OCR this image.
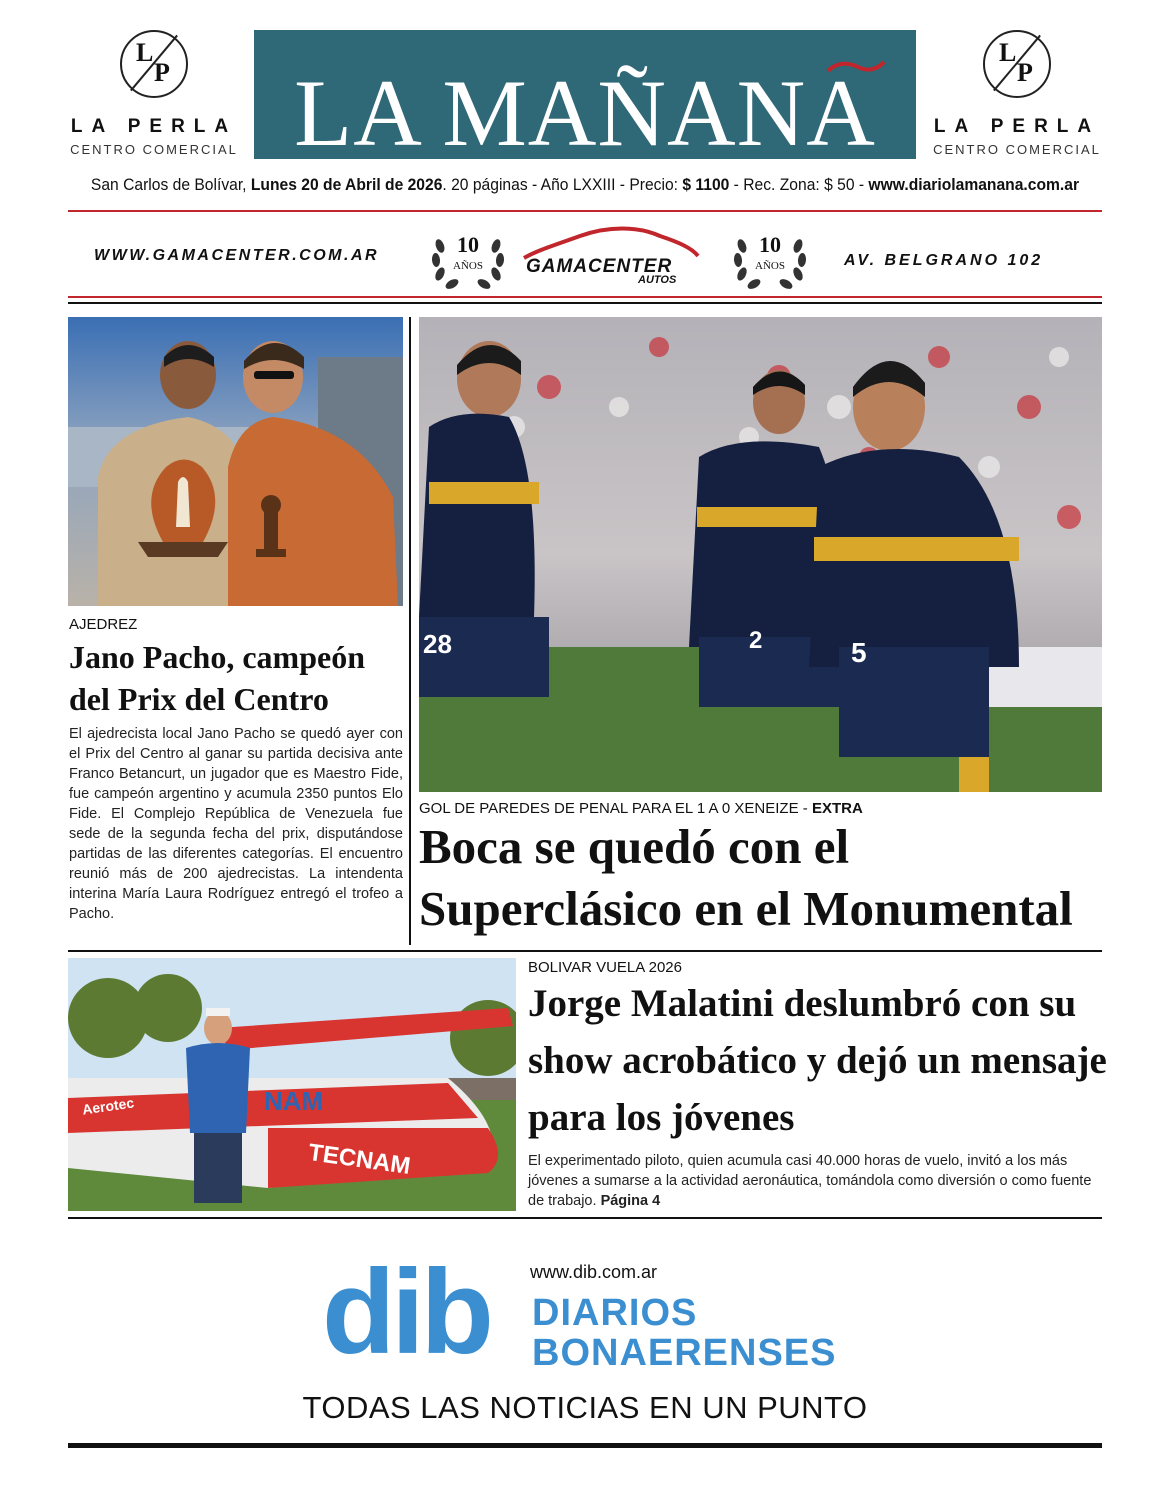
L
P
LA PERLA
CENTRO COMERCIAL LA MAÑANA
L
P
LA PERLA
CENTRO COMERCIAL
San Carlos de Bolívar, Lunes 20 de Abril de 2026. 20 páginas - Año LXXIII - Precio: $ 1100 - Rec. Zona: $ 50 - www.diariolamanana.com.ar
WWW.GAMACENTER.COM.AR	10
AÑOS	GAMACENTER
AUTOS
10
AÑOS	AV. BELGRANO 102
AJEDREZ
Jano Pacho, campeón del Prix del Centro
El ajedrecista local Jano Pacho se quedó ayer con el Prix del Centro al ganar su partida decisiva ante Franco Betancurt, un jugador que es Maestro Fide, fue campeón argentino y acumula 2350 puntos Elo Fide. El Complejo República de Venezuela fue sede de la segunda fecha del prix, disputándose partidas de las diferentes categorías. El encuentro reunió más de 200 ajedrecistas. La intendenta interina María Laura Rodríguez entregó el trofeo a Pacho.
28	2	5
GOL DE PAREDES DE PENAL PARA EL 1 A 0 XENEIZE - EXTRA
Boca se quedó con el Superclásico en el Monumental
Aerotec	NAM
TECNAM
BOLIVAR VUELA 2026
Jorge Malatini deslumbró con su show acrobático y dejó un mensaje para los jóvenes
El experimentado piloto, quien acumula casi 40.000 horas de vuelo, invitó a los más jóvenes a sumarse a la actividad aeronáutica, tomándola como diversión o como fuente de trabajo. Página 4
www.dib.com.ar
dib DIARIOS
BONAERENSES
TODAS LAS NOTICIAS EN UN PUNTO
